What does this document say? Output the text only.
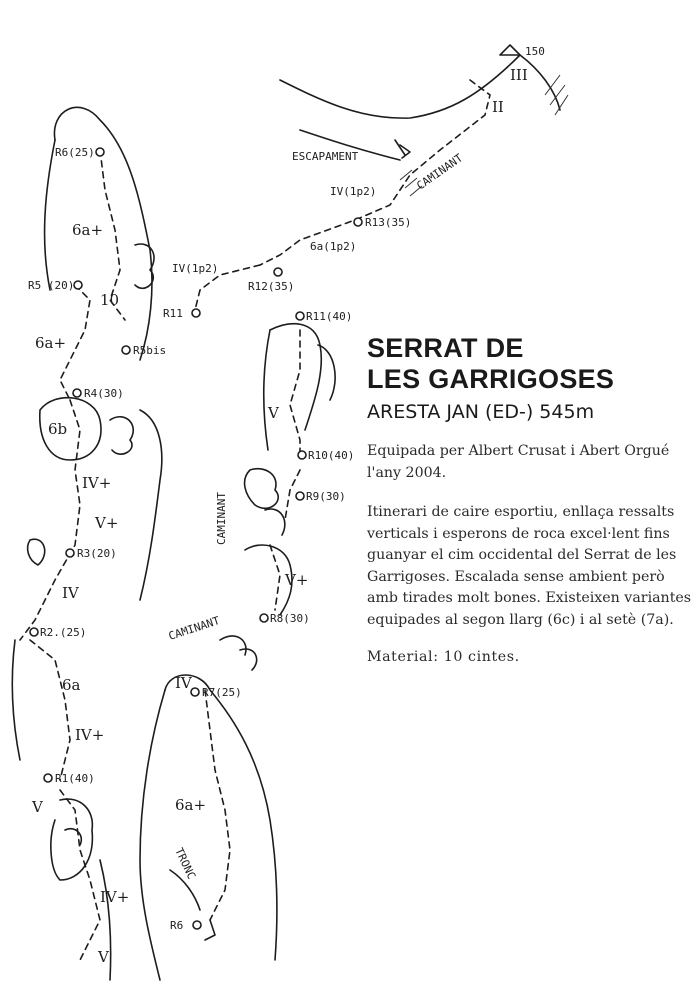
150
ESCAPAMENT	CAMINANT
CAMINANT
CAMINANT
TRONC
III
II
IV(1p2)
6a(1p2)
IV(1p2)
6a+
10
6a+
6b
IV+
V+
IV
6a
IV+
V
IV+
V
V
V+
IV
6a+
R6(25)
R5 (20)
R5bis
R4(30)
R3(20)
R2.(25)
R1(40)
R11
R12(35)
R13(35)
R11(40)
R10(40)
R9(30)
R8(30)
R7(25)
R6
SERRAT DE
LES GARRIGOSES

ARESTA JAN (ED-) 545m

Equipada per Albert Crusat i Abert Orgué l'any 2004.

Itinerari de caire esportiu, enllaça ressalts verticals i esperons de roca excel·lent fins guanyar el cim occidental del Serrat de les Garrigoses. Escalada sense ambient però amb tirades molt bones. Existeixen variantes equipades al segon llarg (6c) i al setè (7a).

Material: 10 cintes.
